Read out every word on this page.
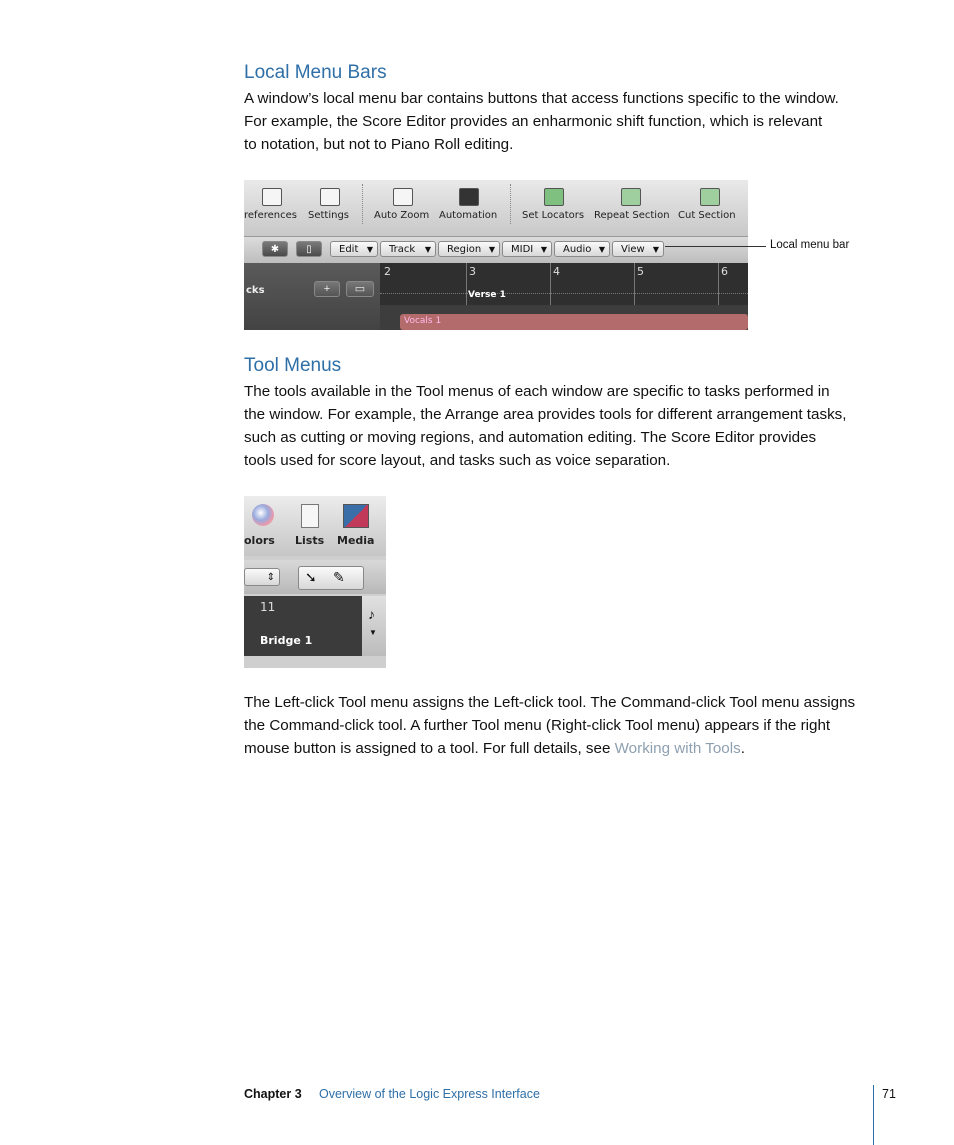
Local Menu Bars

A window’s local menu bar contains buttons that access functions specific to the window.
For example, the Score Editor provides an enharmonic shift function, which is relevant
to notation, but not to Piano Roll editing.

references Settings Auto Zoom Automation Set Locators Repeat Section Cut Section
✱	▯	Edit ▼	Track ▼	Region ▼	MIDI ▼	Audio ▼	View ▼
cks	+	▭
2	3	4	5	6
Verse 1
Vocals 1
Local menu bar
Tool Menus

The tools available in the Tool menus of each window are specific to tasks performed in
the window. For example, the Arrange area provides tools for different arrangement tasks,
such as cutting or moving regions, and automation editing. The Score Editor provides
tools used for score layout, and tasks such as voice separation.

olors Lists Media
⇕	➘ ✎
11
Bridge 1
♪
▼

The Left-click Tool menu assigns the Left-click tool. The Command-click Tool menu assigns
the Command-click tool. A further Tool menu (Right-click Tool menu) appears if the right
mouse button is assigned to a tool. For full details, see Working with Tools.

Chapter 3 Overview of the Logic Express Interface	71
